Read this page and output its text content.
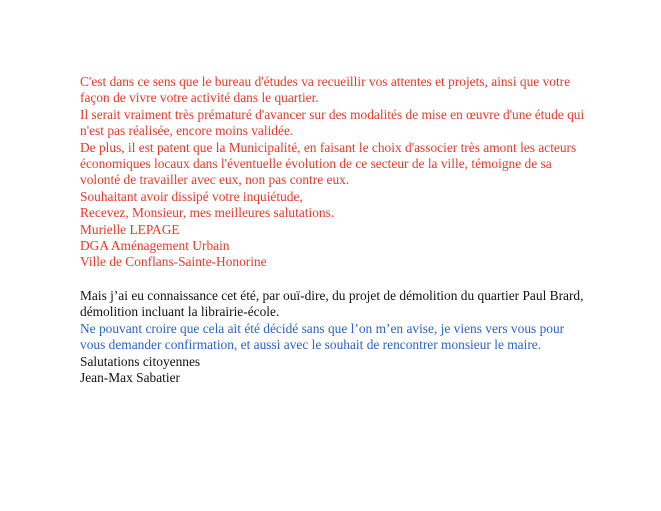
C'est dans ce sens que le bureau d'études va recueillir vos attentes et projets, ainsi que votre

façon de vivre votre activité dans le quartier.

Il serait vraiment très prématuré d'avancer sur des modalités de mise en œuvre d'une étude qui

n'est pas réalisée, encore moins validée.

De plus, il est patent que la Municipalité, en faisant le choix d'associer très amont les acteurs

économiques locaux dans l'éventuelle évolution de ce secteur de la ville, témoigne de sa

volonté de travailler avec eux, non pas contre eux.

Souhaitant avoir dissipé votre inquiétude,

Recevez, Monsieur, mes meilleures salutations.

Murielle LEPAGE

DGA Aménagement Urbain

Ville de Conflans-Sainte-Honorine

Mais j’ai eu connaissance cet été, par ouï-dire, du projet de démolition du quartier Paul Brard,

démolition incluant la librairie-école.

Ne pouvant croire que cela ait été décidé sans que l’on m’en avise, je viens vers vous pour

vous demander confirmation, et aussi avec le souhait de rencontrer monsieur le maire.

Salutations citoyennes

Jean-Max Sabatier
